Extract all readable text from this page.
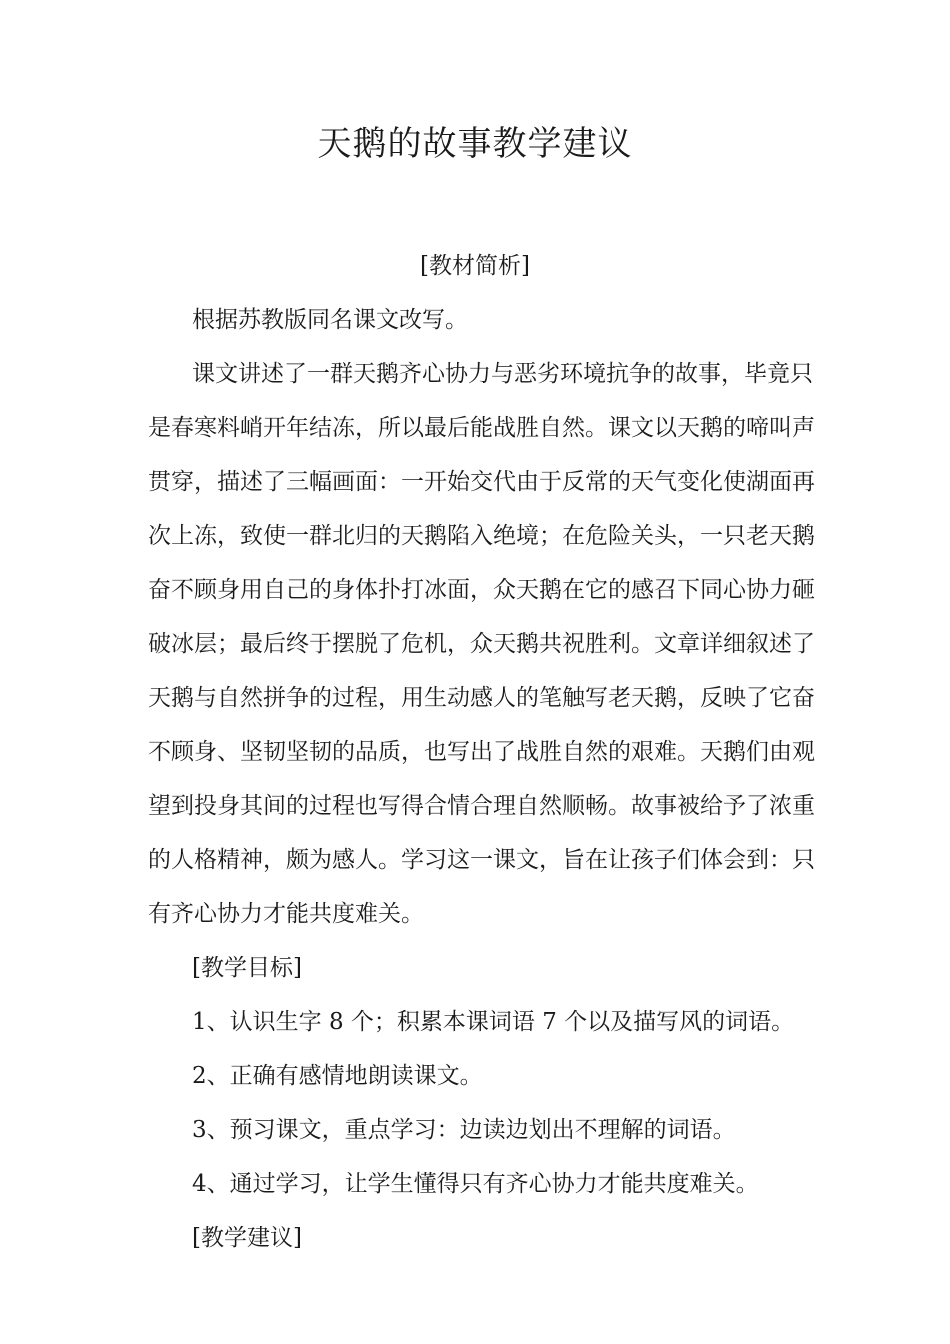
天鹅的故事教学建议
[教材简析]
根据苏教版同名课文改写。
课文讲述了一群天鹅齐心协力与恶劣环境抗争的故事，毕竟只
是春寒料峭开年结冻，所以最后能战胜自然。课文以天鹅的啼叫声
贯穿，描述了三幅画面：一开始交代由于反常的天气变化使湖面再
次上冻，致使一群北归的天鹅陷入绝境；在危险关头，一只老天鹅
奋不顾身用自己的身体扑打冰面，众天鹅在它的感召下同心协力砸
破冰层；最后终于摆脱了危机，众天鹅共祝胜利。文章详细叙述了
天鹅与自然拼争的过程，用生动感人的笔触写老天鹅，反映了它奋
不顾身、坚韧坚韧的品质，也写出了战胜自然的艰难。天鹅们由观
望到投身其间的过程也写得合情合理自然顺畅。故事被给予了浓重
的人格精神，颇为感人。学习这一课文，旨在让孩子们体会到：只
有齐心协力才能共度难关。
[教学目标]
1、认识生字 8 个；积累本课词语 7 个以及描写风的词语。
2、正确有感情地朗读课文。
3、预习课文，重点学习：边读边划出不理解的词语。
4、通过学习，让学生懂得只有齐心协力才能共度难关。
[教学建议]
